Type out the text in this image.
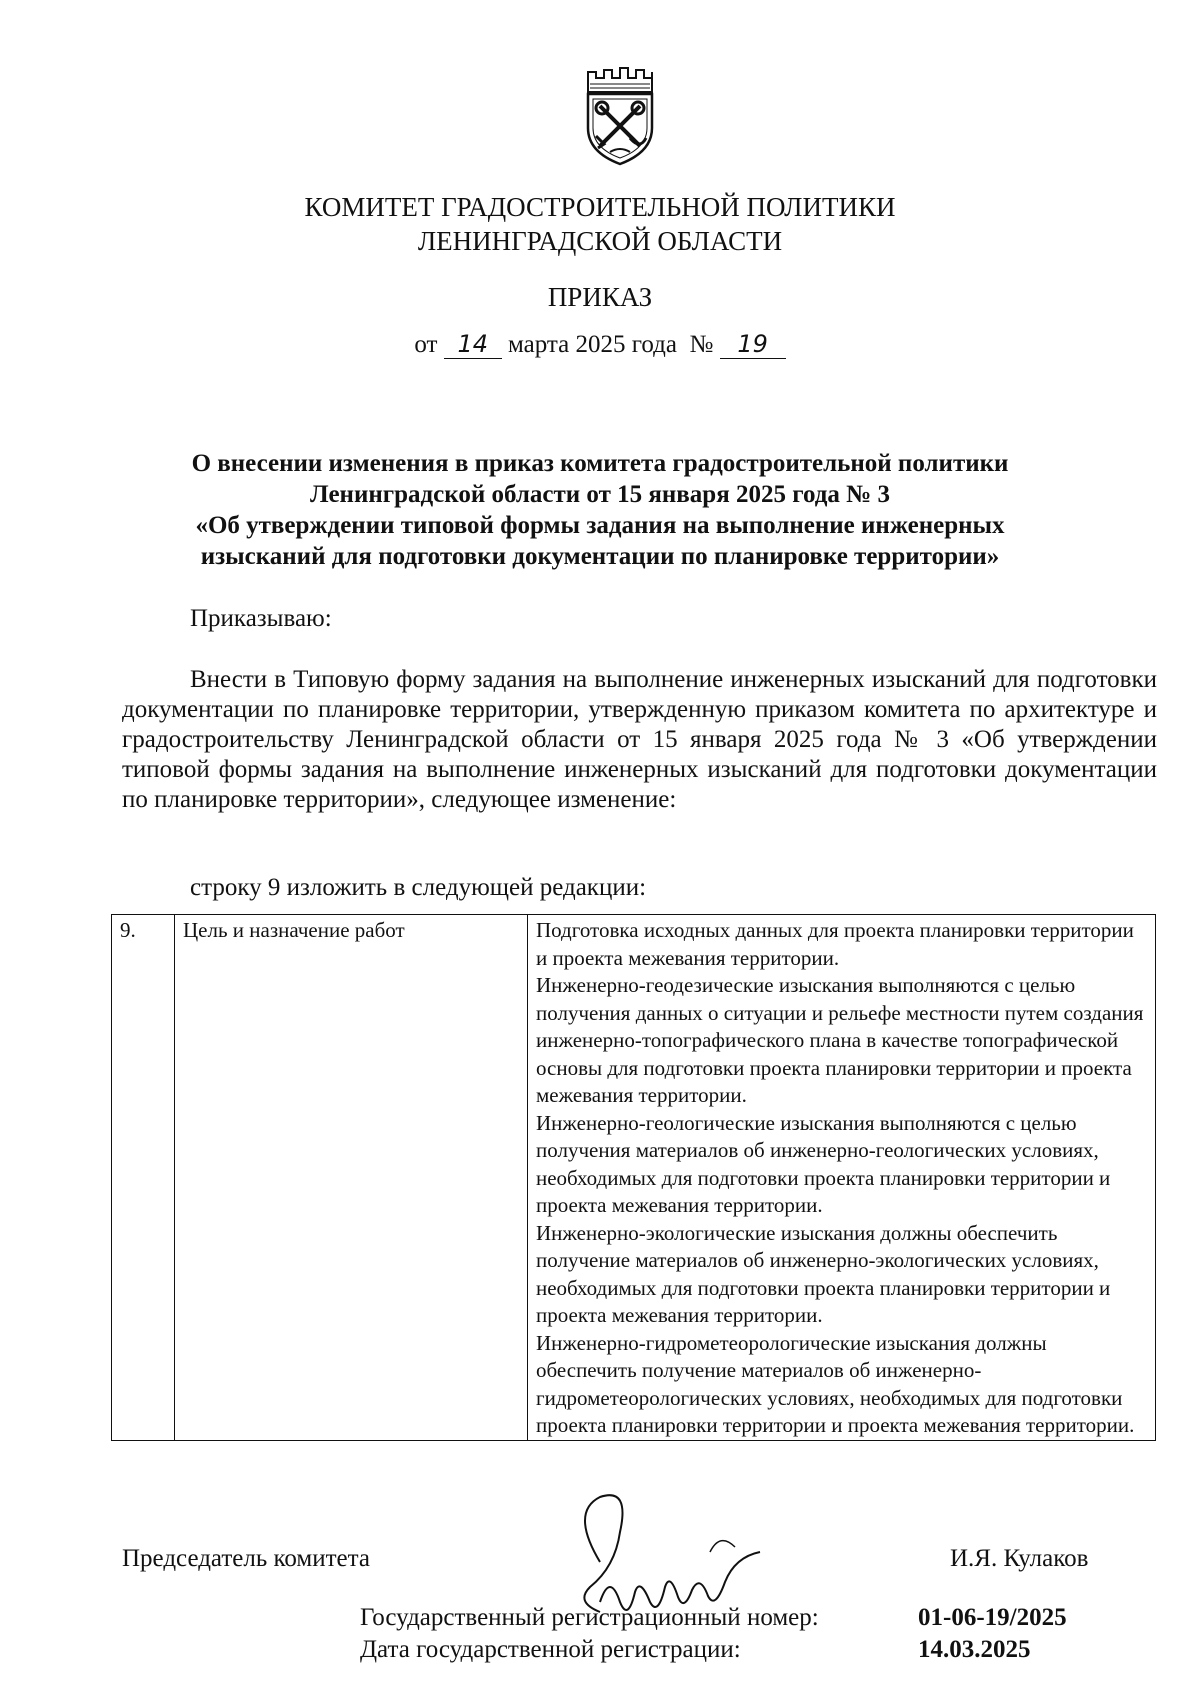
КОМИТЕТ ГРАДОСТРОИТЕЛЬНОЙ ПОЛИТИКИ
ЛЕНИНГРАДСКОЙ ОБЛАСТИ
ПРИКАЗ
от 14 марта 2025 года № 19
О внесении изменения в приказ комитета градостроительной политики
Ленинградской области от 15 января 2025 года № 3
«Об утверждении типовой формы задания на выполнение инженерных
изысканий для подготовки документации по планировке территории»
Приказываю:
Внести в Типовую форму задания на выполнение инженерных изысканий для подготовки документации по планировке территории, утвержденную приказом комитета по архитектуре и градостроительству Ленинградской области от 15 января 2025 года № 3 «Об утверждении типовой формы задания на выполнение инженерных изысканий для подготовки документации по планировке территории», следующее изменение:
строку 9 изложить в следующей редакции:
9.	Цель и назначение работ	Подготовка исходных данных для проекта планировки территории и проекта межевания территории.
Инженерно-геодезические изыскания выполняются с целью получения данных о ситуации и рельефе местности путем создания инженерно-топографического плана в качестве топографической основы для подготовки проекта планировки территории и проекта межевания территории.
Инженерно-геологические изыскания выполняются с целью получения материалов об инженерно-геологических условиях, необходимых для подготовки проекта планировки территории и проекта межевания территории.
Инженерно-экологические изыскания должны обеспечить получение материалов об инженерно-экологических условиях, необходимых для подготовки проекта планировки территории и проекта межевания территории.
Инженерно-гидрометеорологические изыскания должны обеспечить получение материалов об инженерно-гидрометеорологических условиях, необходимых для подготовки проекта планировки территории и проекта межевания территории.
Председатель комитета	И.Я. Кулаков
Государственный регистрационный номер:	01-06-19/2025
Дата государственной регистрации:	14.03.2025
